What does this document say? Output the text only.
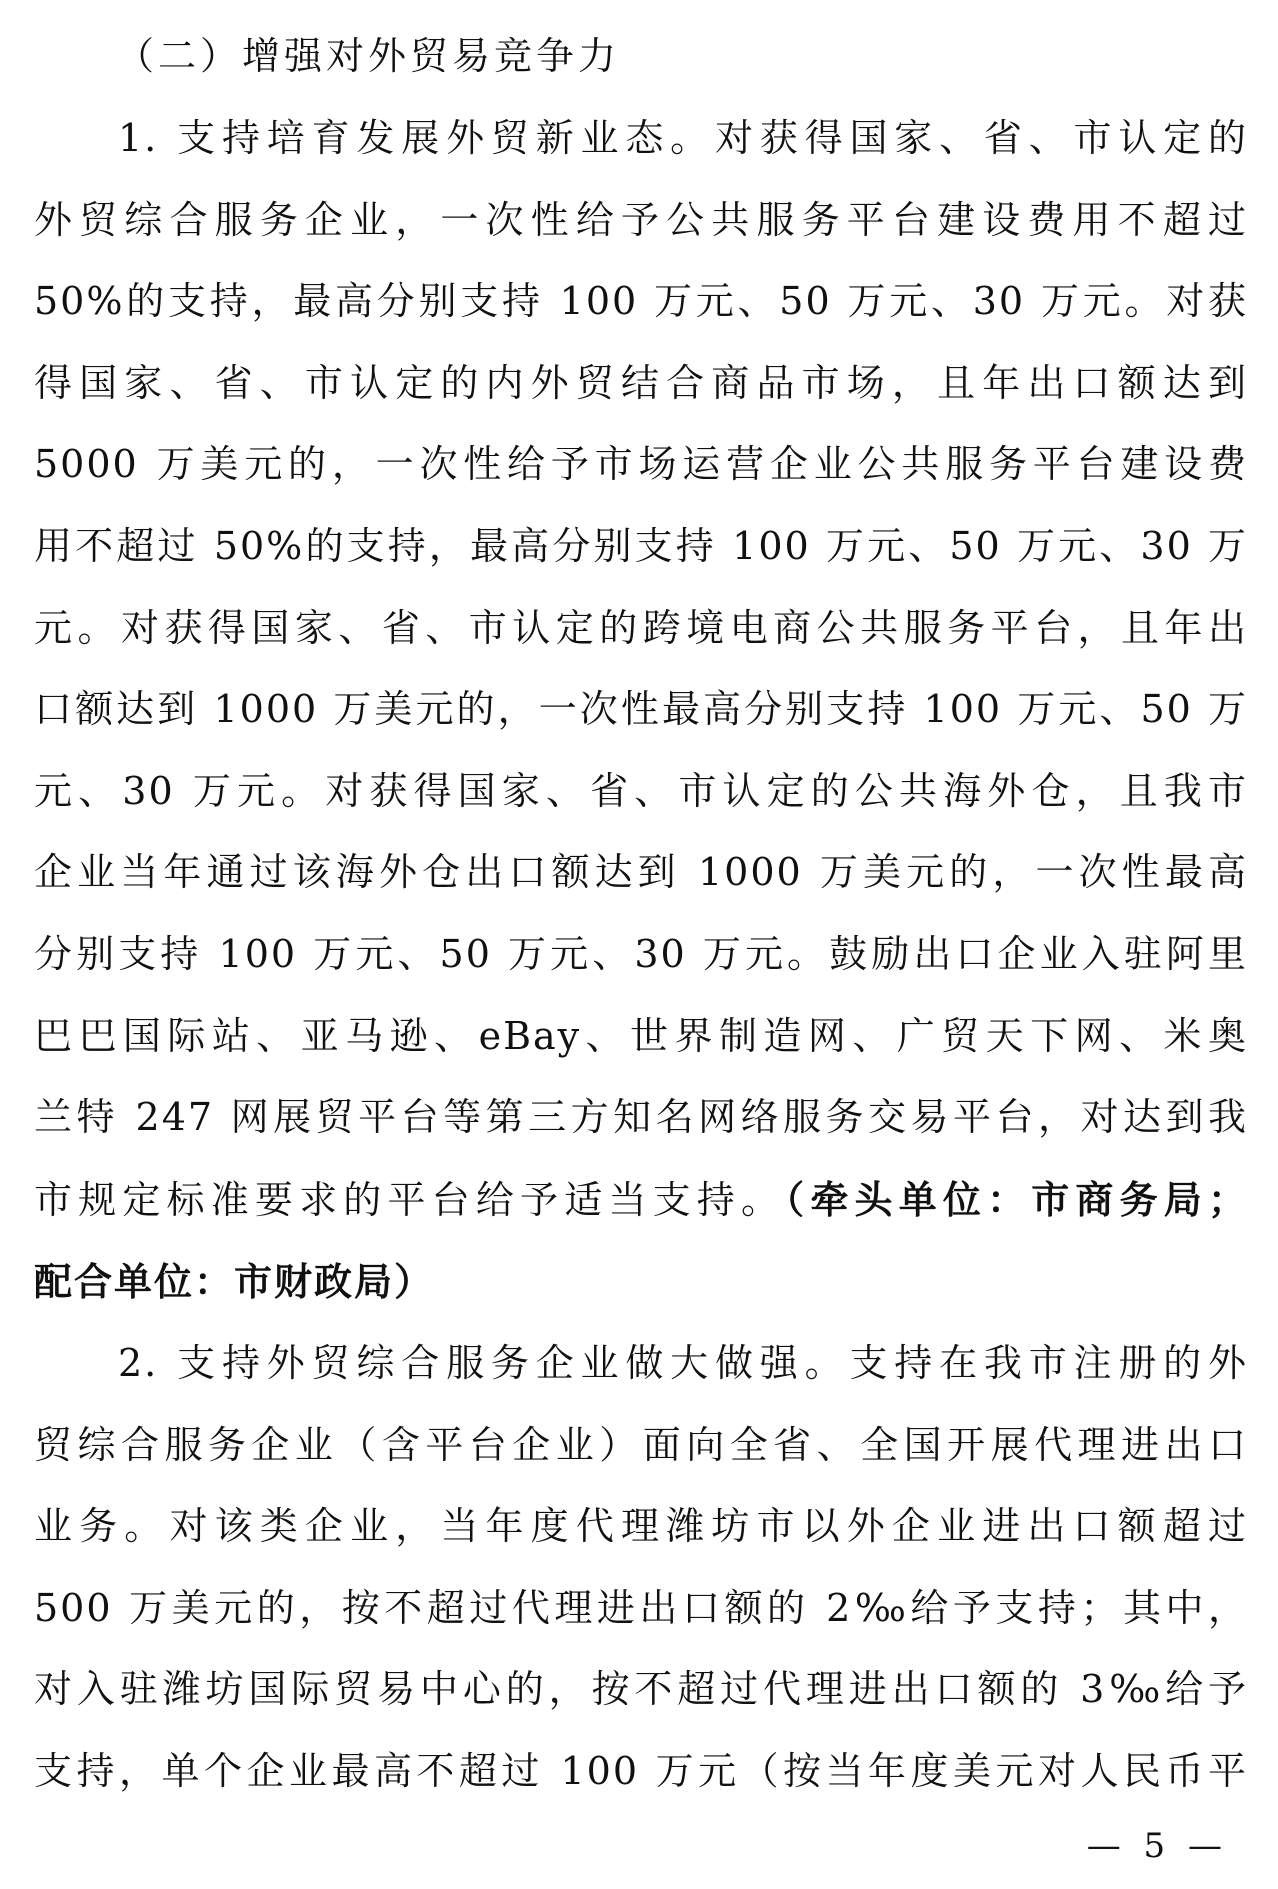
（二）增强对外贸易竞争力
1. 支持培育发展外贸新业态。对获得国家、省、市认定的
外贸综合服务企业，一次性给予公共服务平台建设费用不超过
50%的支持，最高分别支持 100 万元、50 万元、30 万元。对获
得国家、省、市认定的内外贸结合商品市场，且年出口额达到
5000 万美元的，一次性给予市场运营企业公共服务平台建设费
用不超过 50%的支持，最高分别支持 100 万元、50 万元、30 万
元。对获得国家、省、市认定的跨境电商公共服务平台，且年出
口额达到 1000 万美元的，一次性最高分别支持 100 万元、50 万
元、30 万元。对获得国家、省、市认定的公共海外仓，且我市
企业当年通过该海外仓出口额达到 1000 万美元的，一次性最高
分别支持 100 万元、50 万元、30 万元。鼓励出口企业入驻阿里
巴巴国际站、亚马逊、eBay、世界制造网、广贸天下网、米奥
兰特 247 网展贸平台等第三方知名网络服务交易平台，对达到我
市规定标准要求的平台给予适当支持。（牵头单位：市商务局；
配合单位：市财政局）
2. 支持外贸综合服务企业做大做强。支持在我市注册的外
贸综合服务企业（含平台企业）面向全省、全国开展代理进出口
业务。对该类企业，当年度代理潍坊市以外企业进出口额超过
500 万美元的，按不超过代理进出口额的 2‰给予支持；其中，
对入驻潍坊国际贸易中心的，按不超过代理进出口额的 3‰给予
支持，单个企业最高不超过 100 万元（按当年度美元对人民币平
— 5 —
